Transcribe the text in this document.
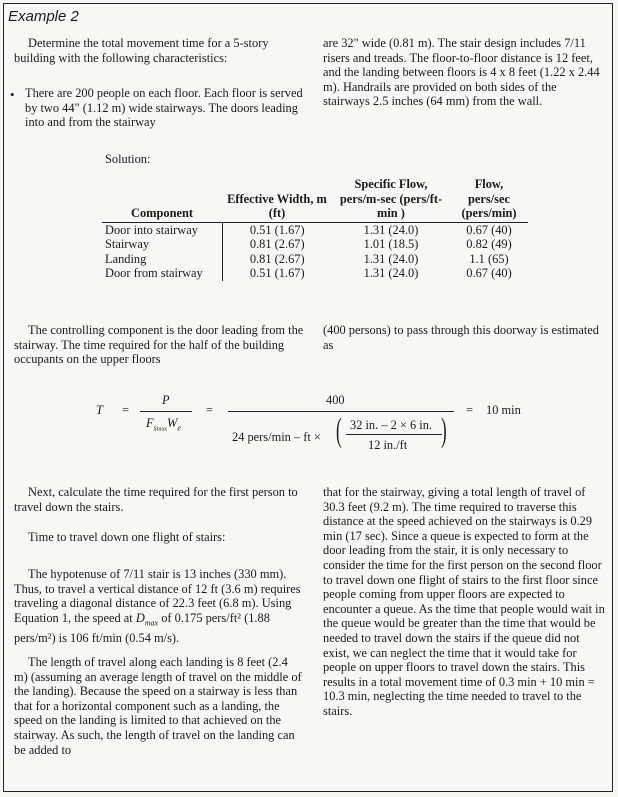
Example 2

Determine the total movement time for a 5-story building with the following characteristics:

• There are 200 people on each floor. Each floor is served by two 44" (1.12 m) wide stairways. The doors leading into and from the stairway

are 32" wide (0.81 m). The stair design includes 7/11 risers and treads. The floor-to-floor distance is 12 feet, and the landing between floors is 4 x 8 feet (1.22 x 2.44 m). Handrails are provided on both sides of the stairways 2.5 inches (64 mm) from the wall.

Solution:

Component	Effective Width, m (ft)	Specific Flow, pers/m-sec (pers/ft-min )	Flow, pers/sec (pers/min)
Door into stairway	0.51 (1.67)	1.31 (24.0)	0.67 (40)
Stairway	0.81 (2.67)	1.01 (18.5)	0.82 (49)
Landing	0.81 (2.67)	1.31 (24.0)	1.1 (65)
Door from stairway	0.51 (1.67)	1.31 (24.0)	0.67 (40)

The controlling component is the door leading from the stairway. The time required for the half of the building occupants on the upper floors

(400 persons) to pass through this doorway is estimated as

T =
P
$F_{smax}W_e$
=
400
24 pers/min – ft × ( 32 in. – 2 × 6 in.
12 in./ft )
= 10 min

Next, calculate the time required for the first person to travel down the stairs.

Time to travel down one flight of stairs:

The hypotenuse of 7/11 stair is 13 inches (330 mm). Thus, to travel a vertical distance of 12 ft (3.6 m) requires traveling a diagonal distance of 22.3 feet (6.8 m). Using Equation 1, the speed at $D_{max}$ of 0.175 pers/ft² (1.88 pers/m²) is 106 ft/min (0.54 m/s).

The length of travel along each landing is 8 feet (2.4 m) (assuming an average length of travel on the middle of the landing). Because the speed on a stairway is less than that for a horizontal component such as a landing, the speed on the landing is limited to that achieved on the stairway. As such, the length of travel on the landing can be added to

that for the stairway, giving a total length of travel of 30.3 feet (9.2 m). The time required to traverse this distance at the speed achieved on the stairways is 0.29 min (17 sec). Since a queue is expected to form at the door leading from the stair, it is only necessary to consider the time for the first person on the second floor to travel down one flight of stairs to the first floor since people coming from upper floors are expected to encounter a queue. As the time that people would wait in the queue would be greater than the time that would be needed to travel down the stairs if the queue did not exist, we can neglect the time that it would take for people on upper floors to travel down the stairs. This results in a total movement time of 0.3 min + 10 min = 10.3 min, neglecting the time needed to travel to the stairs.
